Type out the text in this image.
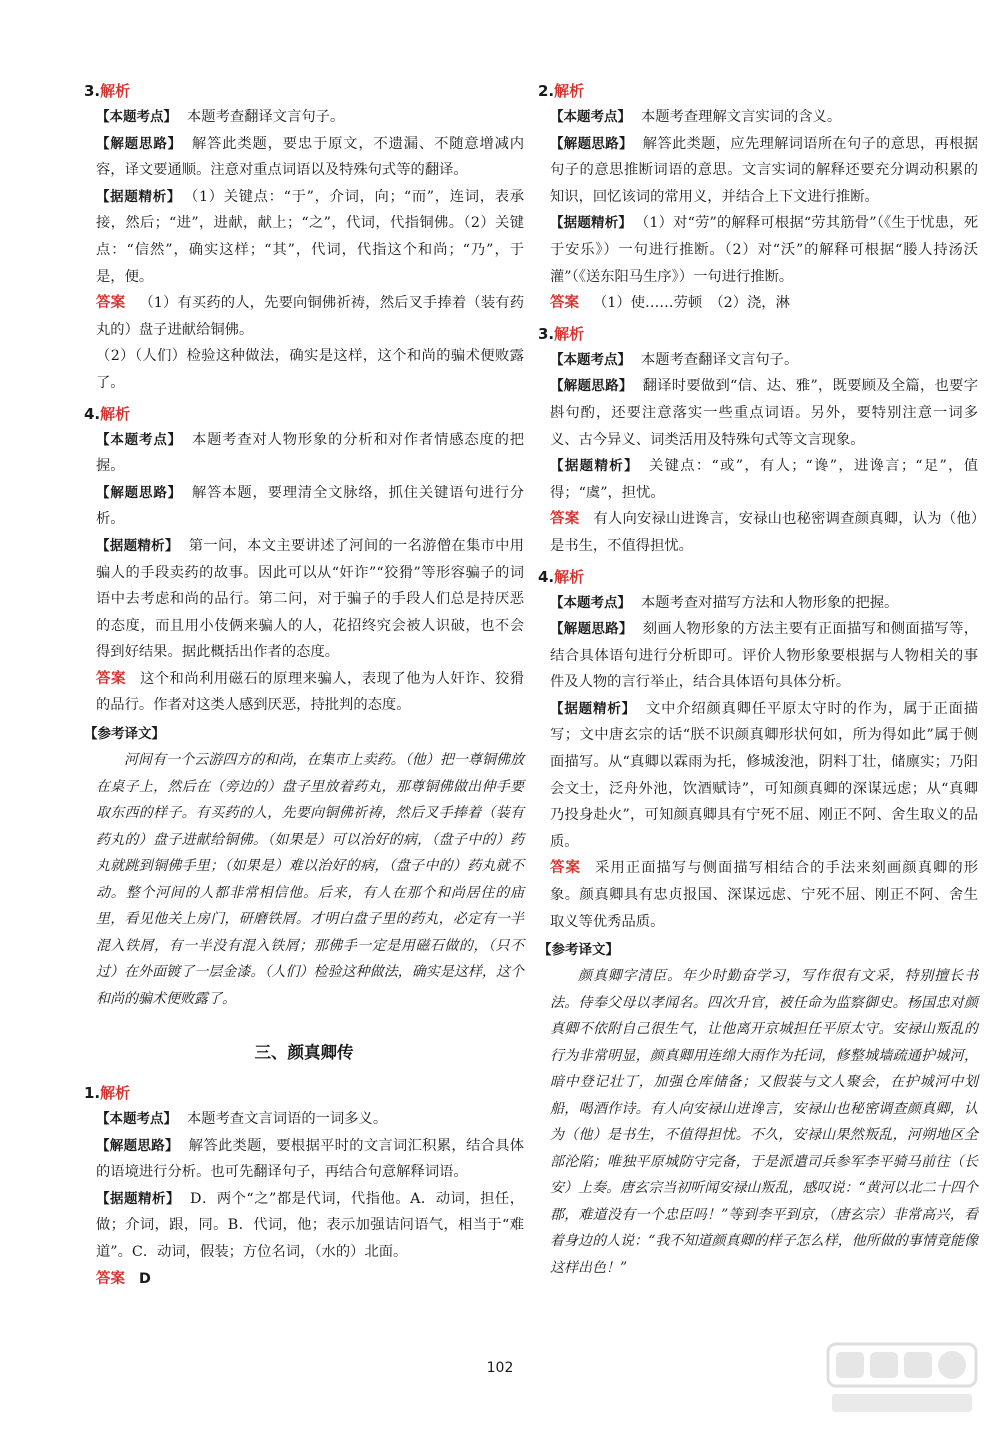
3.解析

【本题考点】 本题考查翻译文言句子。

【解题思路】 解答此类题，要忠于原文，不遗漏、不随意增减内容，译文要通顺。注意对重点词语以及特殊句式等的翻译。

【据题精析】 （1）关键点：“于”，介词，向；“而”，连词，表承接，然后；“进”，进献，献上；“之”，代词，代指铜佛。（2）关键点：“信然”，确实这样；“其”，代词，代指这个和尚；“乃”，于是，便。

答案 （1）有买药的人，先要向铜佛祈祷，然后叉手捧着（装有药丸的）盘子进献给铜佛。

（2）（人们）检验这种做法，确实是这样，这个和尚的骗术便败露了。

4.解析

【本题考点】 本题考查对人物形象的分析和对作者情感态度的把握。

【解题思路】 解答本题，要理清全文脉络，抓住关键语句进行分析。

【据题精析】 第一问，本文主要讲述了河间的一名游僧在集市中用骗人的手段卖药的故事。因此可以从“奸诈”“狡猾”等形容骗子的词语中去考虑和尚的品行。第二问，对于骗子的手段人们总是持厌恶的态度，而且用小伎俩来骗人的人，花招终究会被人识破，也不会得到好结果。据此概括出作者的态度。

答案 这个和尚利用磁石的原理来骗人，表现了他为人奸诈、狡猾的品行。作者对这类人感到厌恶，持批判的态度。

【参考译文】

河间有一个云游四方的和尚，在集市上卖药。（他）把一尊铜佛放在桌子上，然后在（旁边的）盘子里放着药丸，那尊铜佛做出伸手要取东西的样子。有买药的人，先要向铜佛祈祷，然后叉手捧着（装有药丸的）盘子进献给铜佛。（如果是）可以治好的病，（盘子中的）药丸就跳到铜佛手里；（如果是）难以治好的病，（盘子中的）药丸就不动。整个河间的人都非常相信他。后来，有人在那个和尚居住的庙里，看见他关上房门，研磨铁屑。才明白盘子里的药丸，必定有一半混入铁屑，有一半没有混入铁屑；那佛手一定是用磁石做的，（只不过）在外面镀了一层金漆。（人们）检验这种做法，确实是这样，这个和尚的骗术便败露了。

三、颜真卿传
1.解析

【本题考点】 本题考查文言词语的一词多义。

【解题思路】 解答此类题，要根据平时的文言词汇积累，结合具体的语境进行分析。也可先翻译句子，再结合句意解释词语。

【据题精析】 D．两个“之”都是代词，代指他。A．动词，担任，做；介词，跟，同。B．代词，他；表示加强诘问语气，相当于“难道”。C．动词，假装；方位名词，（水的）北面。

答案 D

2.解析

【本题考点】 本题考查理解文言实词的含义。

【解题思路】 解答此类题，应先理解词语所在句子的意思，再根据句子的意思推断词语的意思。文言实词的解释还要充分调动积累的知识，回忆该词的常用义，并结合上下文进行推断。

【据题精析】 （1）对“劳”的解释可根据“劳其筋骨”（《生于忧患，死于安乐》）一句进行推断。（2）对“沃”的解释可根据“媵人持汤沃灌”（《送东阳马生序》）一句进行推断。

答案 （1）使……劳顿　（2）浇，淋

3.解析

【本题考点】 本题考查翻译文言句子。

【解题思路】 翻译时要做到“信、达、雅”，既要顾及全篇，也要字斟句酌，还要注意落实一些重点词语。另外，要特别注意一词多义、古今异义、词类活用及特殊句式等文言现象。

【据题精析】 关键点：“或”，有人；“谗”，进谗言；“足”，值得；“虞”，担忧。

答案 有人向安禄山进谗言，安禄山也秘密调查颜真卿，认为（他）是书生，不值得担忧。

4.解析

【本题考点】 本题考查对描写方法和人物形象的把握。

【解题思路】 刻画人物形象的方法主要有正面描写和侧面描写等，结合具体语句进行分析即可。评价人物形象要根据与人物相关的事件及人物的言行举止，结合具体语句具体分析。

【据题精析】 文中介绍颜真卿任平原太守时的作为，属于正面描写；文中唐玄宗的话“朕不识颜真卿形状何如，所为得如此”属于侧面描写。从“真卿以霖雨为托，修城浚池，阴料丁壮，储廪实；乃阳会文士，泛舟外池，饮酒赋诗”，可知颜真卿的深谋远虑；从“真卿乃投身赴火”，可知颜真卿具有宁死不屈、刚正不阿、舍生取义的品质。

答案 采用正面描写与侧面描写相结合的手法来刻画颜真卿的形象。颜真卿具有忠贞报国、深谋远虑、宁死不屈、刚正不阿、舍生取义等优秀品质。

【参考译文】

颜真卿字清臣。年少时勤奋学习，写作很有文采，特别擅长书法。侍奉父母以孝闻名。四次升官，被任命为监察御史。杨国忠对颜真卿不依附自己很生气，让他离开京城担任平原太守。安禄山叛乱的行为非常明显，颜真卿用连绵大雨作为托词，修整城墙疏通护城河，暗中登记壮丁，加强仓库储备；又假装与文人聚会，在护城河中划船，喝酒作诗。有人向安禄山进谗言，安禄山也秘密调查颜真卿，认为（他）是书生，不值得担忧。不久，安禄山果然叛乱，河朔地区全部沦陷；唯独平原城防守完备，于是派遣司兵参军李平骑马前往（长安）上奏。唐玄宗当初听闻安禄山叛乱，感叹说：“黄河以北二十四个郡，难道没有一个忠臣吗！”等到李平到京，（唐玄宗）非常高兴，看着身边的人说：“我不知道颜真卿的样子怎么样，他所做的事情竟能像这样出色！”

102
